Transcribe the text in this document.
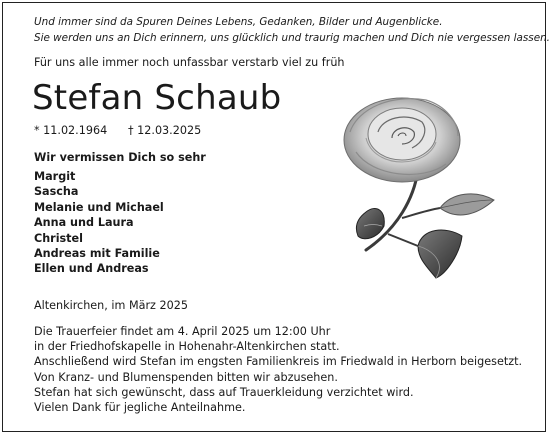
Und immer sind da Spuren Deines Lebens, Gedanken, Bilder und Augenblicke.
Sie werden uns an Dich erinnern, uns glücklich und traurig machen und Dich nie vergessen lassen.
Für uns alle immer noch unfassbar verstarb viel zu früh
Stefan Schaub
* 11.02.1964 † 12.03.2025
Wir vermissen Dich so sehr
Margit
Sascha
Melanie und Michael
Anna und Laura
Christel
Andreas mit Familie
Ellen und Andreas
Altenkirchen, im März 2025
Die Trauerfeier findet am 4. April 2025 um 12:00 Uhr
in der Friedhofskapelle in Hohenahr-Altenkirchen statt.
Anschließend wird Stefan im engsten Familienkreis im Friedwald in Herborn beigesetzt.
Von Kranz- und Blumenspenden bitten wir abzusehen.
Stefan hat sich gewünscht, dass auf Trauerkleidung verzichtet wird.
Vielen Dank für jegliche Anteilnahme.
